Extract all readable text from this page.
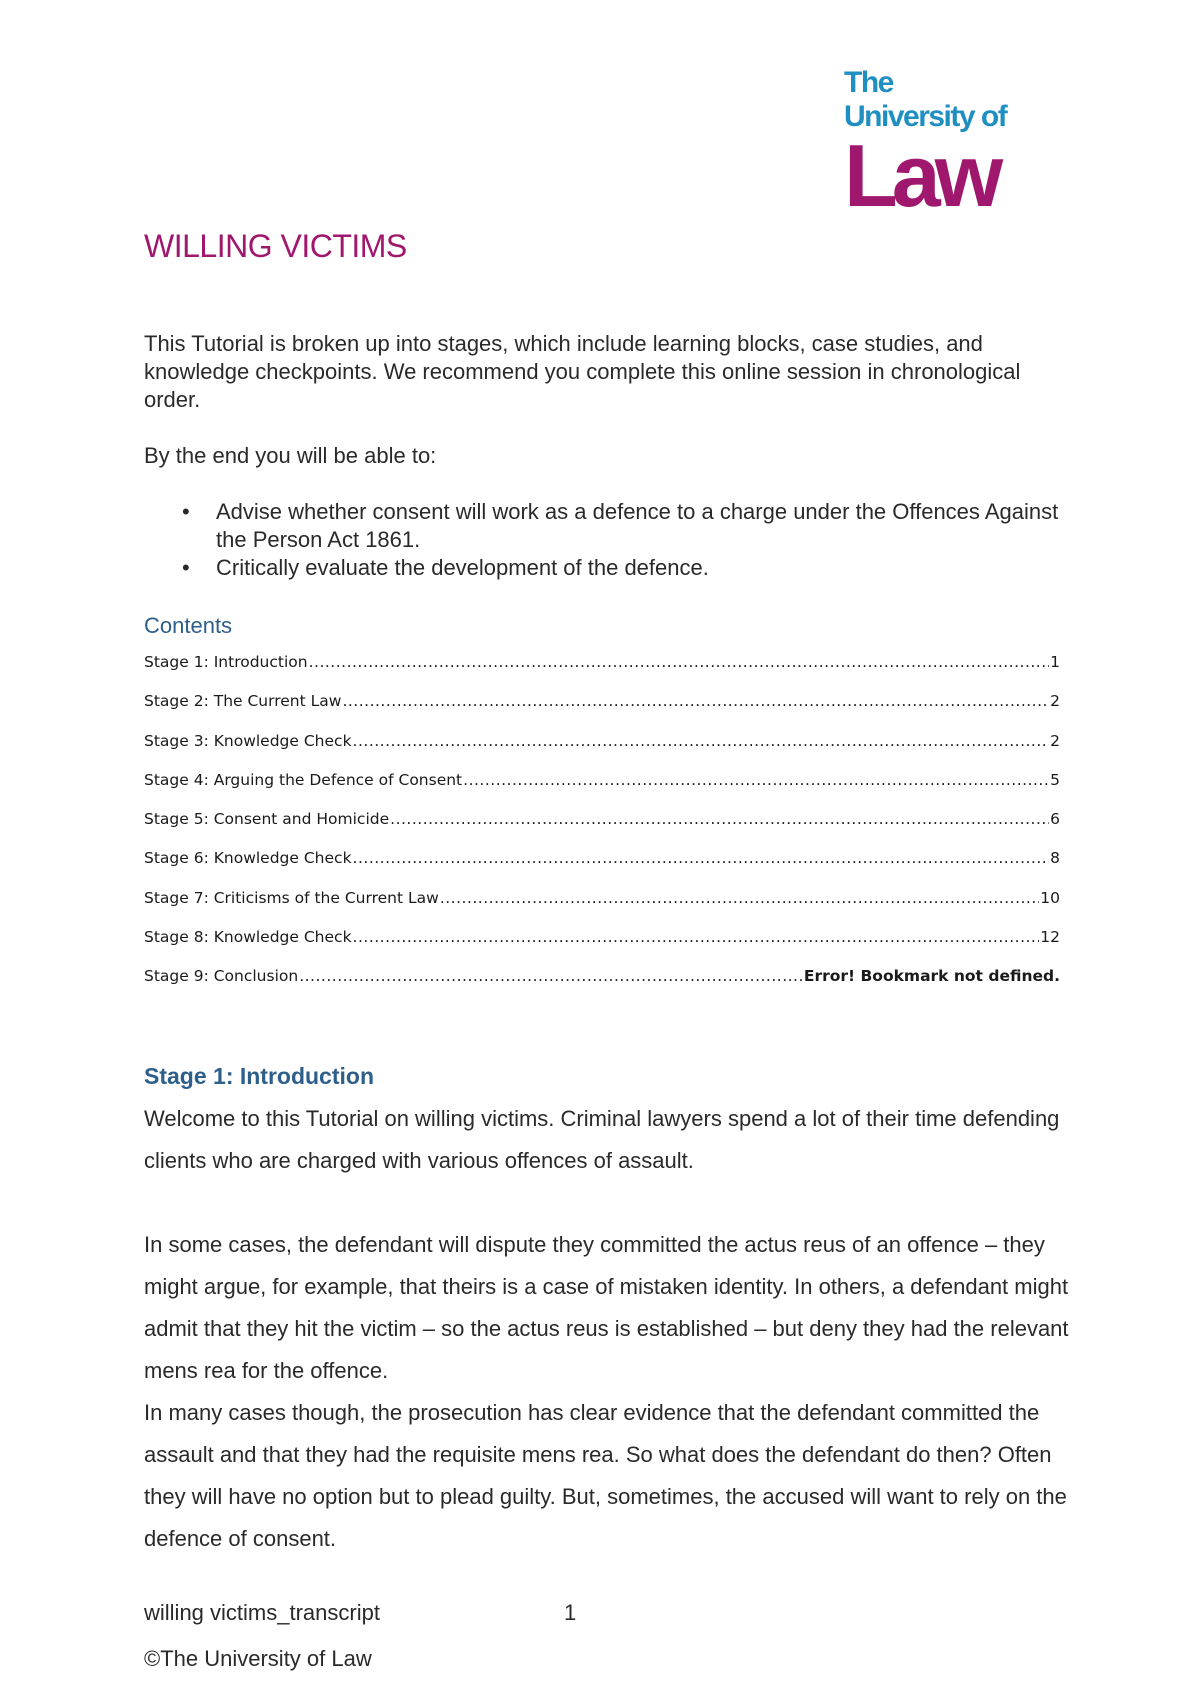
The
University of
Law
WILLING VICTIMS

This Tutorial is broken up into stages, which include learning blocks, case studies, and knowledge checkpoints. We recommend you complete this online session in chronological order.

By the end you will be able to:

• Advise whether consent will work as a defence to a charge under the Offences Against the Person Act 1861.
• Critically evaluate the development of the defence.
Contents
Stage 1: Introduction .....	1
Stage 2: The Current Law .....	2
Stage 3: Knowledge Check .....	2
Stage 4: Arguing the Defence of Consent .....	5
Stage 5: Consent and Homicide .....	6
Stage 6: Knowledge Check .....	8
Stage 7: Criticisms of the Current Law .....	10
Stage 8: Knowledge Check .....	12
Stage 9: Conclusion .....	Error! Bookmark not defined.
Stage 1: Introduction

Welcome to this Tutorial on willing victims. Criminal lawyers spend a lot of their time defending clients who are charged with various offences of assault.

In some cases, the defendant will dispute they committed the actus reus of an offence – they might argue, for example, that theirs is a case of mistaken identity. In others, a defendant might admit that they hit the victim – so the actus reus is established – but deny they had the relevant mens rea for the offence.

In many cases though, the prosecution has clear evidence that the defendant committed the assault and that they had the requisite mens rea. So what does the defendant do then? Often they will have no option but to plead guilty. But, sometimes, the accused will want to rely on the defence of consent.

willing victims_transcript	1
©The University of Law
